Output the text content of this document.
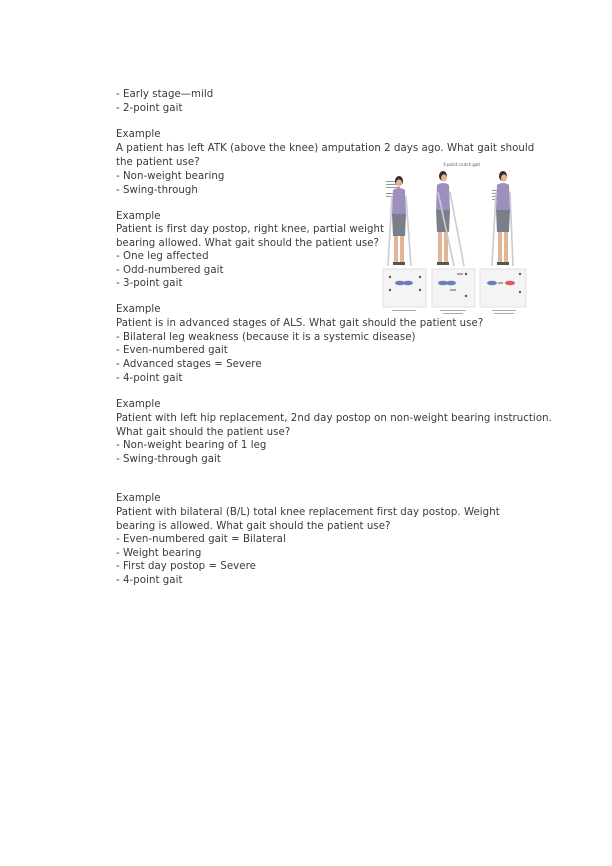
- Early stage—mild
- 2-point gait
Example
A patient has left ATK (above the knee) amputation 2 days ago. What gait should
the patient use?
- Non-weight bearing
- Swing-through
Example
Patient is first day postop, right knee, partial weight
bearing allowed. What gait should the patient use?
- One leg affected
- Odd-numbered gait
- 3-point gait
Example
Patient is in advanced stages of ALS. What gait should the patient use?
- Bilateral leg weakness (because it is a systemic disease)
- Even-numbered gait
- Advanced stages = Severe
- 4-point gait
Example
Patient with left hip replacement, 2nd day postop on non-weight bearing instruction.
What gait should the patient use?
- Non-weight bearing of 1 leg
- Swing-through gait
Example
Patient with bilateral (B/L) total knee replacement first day postop. Weight
bearing is allowed. What gait should the patient use?
- Even-numbered gait = Bilateral
- Weight bearing
- First day postop = Severe
- 4-point gait
3-point crutch gait
